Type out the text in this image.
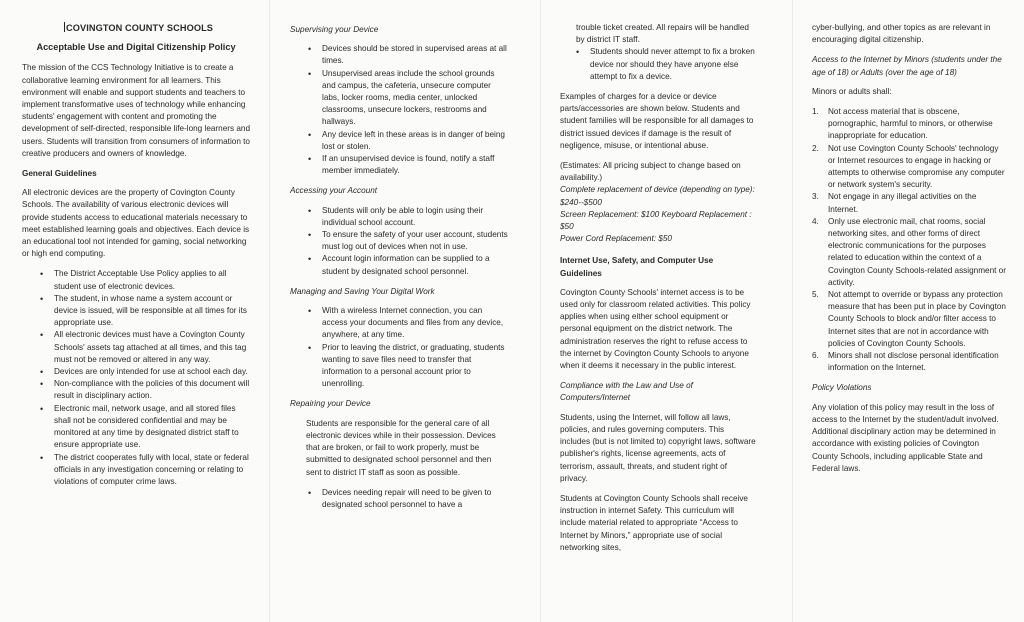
COVINGTON COUNTY SCHOOLS
Acceptable Use and Digital Citizenship Policy

The mission of the CCS Technology Initiative is to create a collaborative learning environment for all learners. This environment will enable and support students and teachers to implement transformative uses of technology while enhancing students' engagement with content and promoting the development of self-directed, responsible life-long learners and users. Students will transition from consumers of information to creative producers and owners of knowledge.

General Guidelines

All electronic devices are the property of Covington County Schools. The availability of various electronic devices will provide students access to educational materials necessary to meet established learning goals and objectives. Each device is an educational tool not intended for gaming, social networking or high end computing.

• The District Acceptable Use Policy applies to all student use of electronic devices.
• The student, in whose name a system account or device is issued, will be responsible at all times for its appropriate use.
• All electronic devices must have a Covington County Schools' assets tag attached at all times, and this tag must not be removed or altered in any way.
• Devices are only intended for use at school each day.
• Non-compliance with the policies of this document will result in disciplinary action.
• Electronic mail, network usage, and all stored files shall not be considered confidential and may be monitored at any time by designated district staff to ensure appropriate use.
• The district cooperates fully with local, state or federal officials in any investigation concerning or relating to violations of computer crime laws.
Supervising your Device
• Devices should be stored in supervised areas at all times.
• Unsupervised areas include the school grounds and campus, the cafeteria, unsecure computer labs, locker rooms, media center, unlocked classrooms, unsecure lockers, restrooms and hallways.
• Any device left in these areas is in danger of being lost or stolen.
• If an unsupervised device is found, notify a staff member immediately.
Accessing your Account
• Students will only be able to login using their individual school account.
• To ensure the safety of your user account, students must log out of devices when not in use.
• Account login information can be supplied to a student by designated school personnel.
Managing and Saving Your Digital Work
• With a wireless Internet connection, you can access your documents and files from any device, anywhere, at any time.
• Prior to leaving the district, or graduating, students wanting to save files need to transfer that information to a personal account prior to unenrolling.
Repairing your Device

Students are responsible for the general care of all electronic devices while in their possession. Devices that are broken, or fail to work properly, must be submitted to designated school personnel and then sent to district IT staff as soon as possible.

• Devices needing repair will need to be given to designated school personnel to have a

trouble ticket created. All repairs will be handled by district IT staff.

• Students should never attempt to fix a broken device nor should they have anyone else attempt to fix a device.

Examples of charges for a device or device parts/accessories are shown below. Students and student families will be responsible for all damages to district issued devices if damage is the result of negligence, misuse, or intentional abuse.

(Estimates: All pricing subject to change based on availability.)
Complete replacement of device (depending on type): $240--$500
Screen Replacement: $100 Keyboard Replacement : $50
Power Cord Replacement: $50
Internet Use, Safety, and Computer Use Guidelines

Covington County Schools' internet access is to be used only for classroom related activities. This policy applies when using either school equipment or personal equipment on the district network. The administration reserves the right to refuse access to the internet by Covington County Schools to anyone when it deems it necessary in the public interest.

Compliance with the Law and Use of Computers/Internet

Students, using the Internet, will follow all laws, policies, and rules governing computers. This includes (but is not limited to) copyright laws, software publisher's rights, license agreements, acts of terrorism, assault, threats, and student right of privacy.

Students at Covington County Schools shall receive instruction in internet Safety. This curriculum will include material related to appropriate “Access to Internet by Minors,” appropriate use of social networking sites,

cyber-bullying, and other topics as are relevant in encouraging digital citizenship.

Access to the Internet by Minors (students under the age of 18) or Adults (over the age of 18)

Minors or adults shall:

1. Not access material that is obscene, pornographic, harmful to minors, or otherwise inappropriate for education.
2. Not use Covington County Schools' technology or Internet resources to engage in hacking or attempts to otherwise compromise any computer or network system's security.
3. Not engage in any illegal activities on the Internet.
4. Only use electronic mail, chat rooms, social networking sites, and other forms of direct electronic communications for the purposes related to education within the context of a Covington County Schools-related assignment or activity.
5. Not attempt to override or bypass any protection measure that has been put in place by Covington County Schools to block and/or filter access to Internet sites that are not in accordance with policies of Covington County Schools.
6. Minors shall not disclose personal identification information on the Internet.
Policy Violations

Any violation of this policy may result in the loss of access to the Internet by the student/adult involved. Additional disciplinary action may be determined in accordance with existing policies of Covington County Schools, including applicable State and Federal laws.
